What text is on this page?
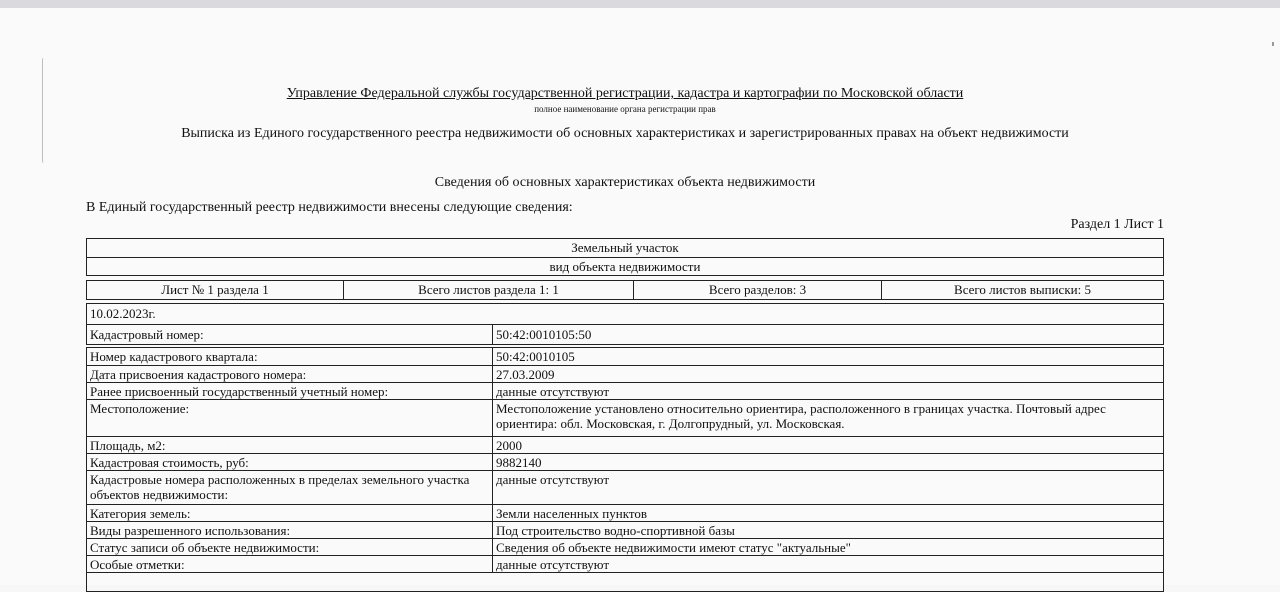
Управление Федеральной службы государственной регистрации, кадастра и картографии по Московской области
полное наименование органа регистрации прав
Выписка из Единого государственного реестра недвижимости об основных характеристиках и зарегистрированных правах на объект недвижимости
Сведения об основных характеристиках объекта недвижимости
В Единый государственный реестр недвижимости внесены следующие сведения:
Раздел 1 Лист 1
Земельный участок
вид объекта недвижимости
Лист № 1 раздела 1	Всего листов раздела 1: 1	Всего разделов: 3	Всего листов выписки: 5
10.02.2023г.
Кадастровый номер:	50:42:0010105:50
Номер кадастрового квартала:	50:42:0010105
Дата присвоения кадастрового номера:	27.03.2009
Ранее присвоенный государственный учетный номер:	данные отсутствуют
Местоположение:	Местоположение установлено относительно ориентира, расположенного в границах участка. Почтовый адрес ориентира: обл. Московская, г. Долгопрудный, ул. Московская.
Площадь, м2:	2000
Кадастровая стоимость, руб:	9882140
Кадастровые номера расположенных в пределах земельного участка объектов недвижимости:
данные отсутствуют
Категория земель:	Земли населенных пунктов
Виды разрешенного использования:	Под строительство водно-спортивной базы
Статус записи об объекте недвижимости:	Сведения об объекте недвижимости имеют статус "актуальные"
Особые отметки:	данные отсутствуют
